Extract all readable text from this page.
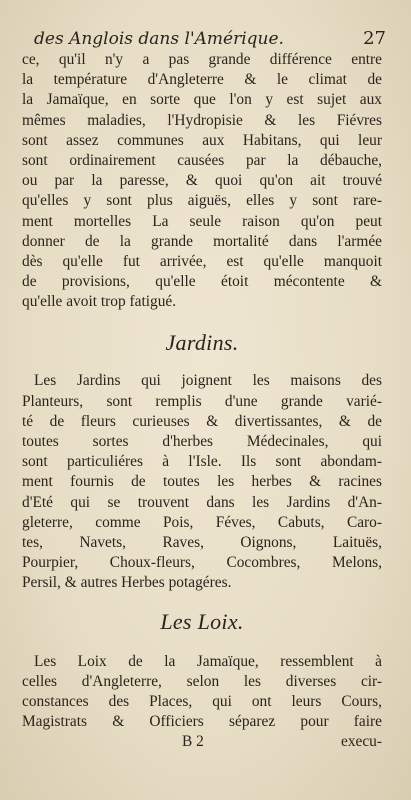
des Anglois dans l'Amérique.	27
ce, qu'il n'y a pas grande différence entre
la température d'Angleterre & le climat de
la Jamaïque, en sorte que l'on y est sujet aux
mêmes maladies, l'Hydropisie & les Fiévres
sont assez communes aux Habitans, qui leur
sont ordinairement causées par la débauche,
ou par la paresse, & quoi qu'on ait trouvé
qu'elles y sont plus aiguës, elles y sont rare-
ment mortelles La seule raison qu'on peut
donner de la grande mortalité dans l'armée
dès qu'elle fut arrivée, est qu'elle manquoit
de provisions, qu'elle étoit mécontente &
qu'elle avoit trop fatigué.
Jardins.
Les Jardins qui joignent les maisons des
Planteurs, sont remplis d'une grande varié-
té de fleurs curieuses & divertissantes, & de
toutes sortes d'herbes Médecinales, qui
sont particuliéres à l'Isle. Ils sont abondam-
ment fournis de toutes les herbes & racines
d'Eté qui se trouvent dans les Jardins d'An-
gleterre, comme Pois, Féves, Cabuts, Caro-
tes, Navets, Raves, Oignons, Laituës,
Pourpier, Choux-fleurs, Cocombres, Melons,
Persil, & autres Herbes potagéres.
Les Loix.
Les Loix de la Jamaïque, ressemblent à
celles d'Angleterre, selon les diverses cir-
constances des Places, qui ont leurs Cours,
Magistrats & Officiers séparez pour faire
B 2	execu-
